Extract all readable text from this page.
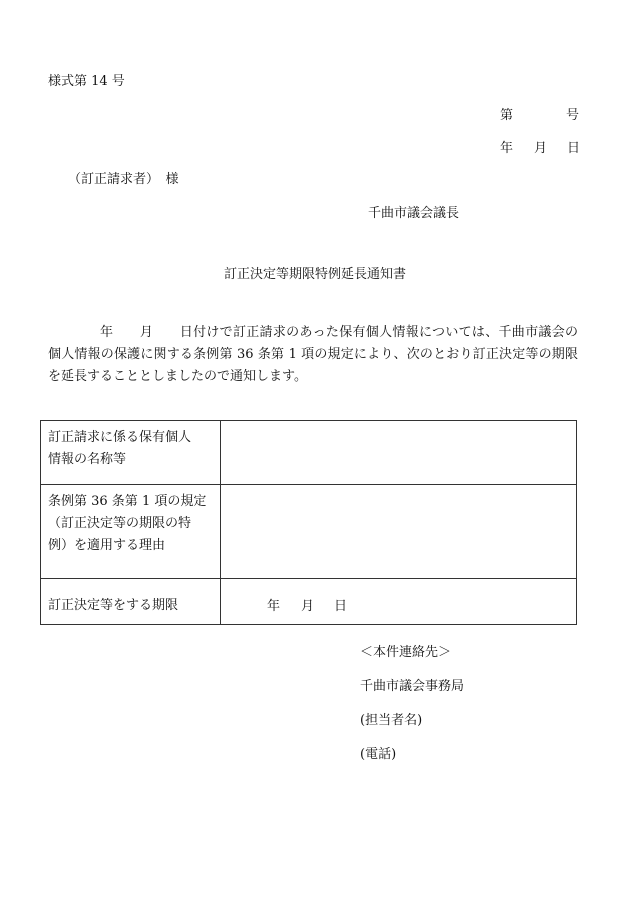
様式第 14 号
第	号
年 月 日
（訂正請求者）　様
千曲市議会議長
訂正決定等期限特例延長通知書
年　　月　　日付けで訂正請求のあった保有個人情報については、千曲市議会の個人情報の保護に関する条例第 36 条第 1 項の規定により、次のとおり訂正決定等の期限を延長することとしましたので通知します。
訂正請求に係る保有個人
情報の名称等	

条例第 36 条第 1 項の規定
（訂正決定等の期限の特
例）を適用する理由	

訂正決定等をする期限	年 月 日
＜本件連絡先＞
千曲市議会事務局
(担当者名)
(電話)
